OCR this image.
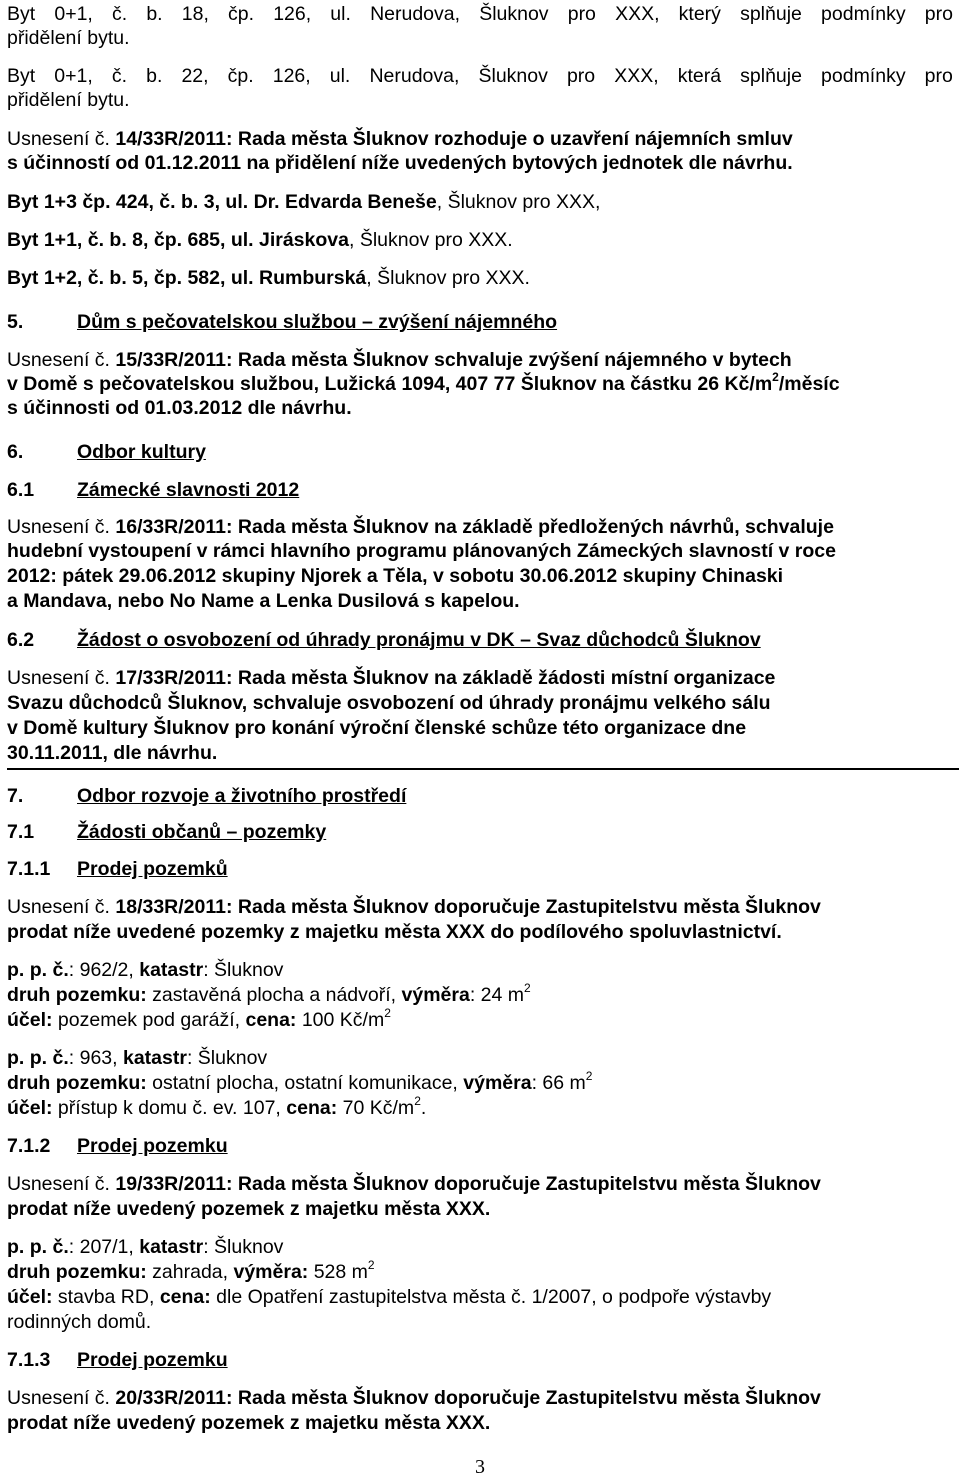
Byt 0+1, č. b. 18, čp. 126, ul. Nerudova, Šluknov pro XXX, který splňuje podmínky pro
přidělení bytu.
Byt 0+1, č. b. 22, čp. 126, ul. Nerudova, Šluknov pro XXX, která splňuje podmínky pro
přidělení bytu.
Usnesení č. 14/33R/2011: Rada města Šluknov rozhoduje o uzavření nájemních smluv
s účinností od 01.12.2011 na přidělení níže uvedených bytových jednotek dle návrhu.
Byt 1+3 čp. 424, č. b. 3, ul. Dr. Edvarda Beneše, Šluknov pro XXX,
Byt 1+1, č. b. 8, čp. 685, ul. Jiráskova, Šluknov pro XXX.
Byt 1+2, č. b. 5, čp. 582, ul. Rumburská, Šluknov pro XXX.
5.	Dům s pečovatelskou službou – zvýšení nájemného
Usnesení č. 15/33R/2011: Rada města Šluknov schvaluje zvýšení nájemného v bytech
v Domě s pečovatelskou službou, Lužická 1094, 407 77 Šluknov na částku 26 $Kč/m^2$/měsíc
s účinnosti od 01.03.2012 dle návrhu.
6.	Odbor kultury
6.1 Zámecké slavnosti 2012
Usnesení č. 16/33R/2011: Rada města Šluknov na základě předložených návrhů, schvaluje
hudební vystoupení v rámci hlavního programu plánovaných Zámeckých slavností v roce
2012: pátek 29.06.2012 skupiny Njorek a Těla, v sobotu 30.06.2012 skupiny Chinaski
a Mandava, nebo No Name a Lenka Dusilová s kapelou.
6.2 Žádost o osvobození od úhrady pronájmu v DK – Svaz důchodců Šluknov
Usnesení č. 17/33R/2011: Rada města Šluknov na základě žádosti místní organizace
Svazu důchodců Šluknov, schvaluje osvobození od úhrady pronájmu velkého sálu
v Domě kultury Šluknov pro konání výroční členské schůze této organizace dne
30.11.2011, dle návrhu.
7.	Odbor rozvoje a životního prostředí
7.1 Žádosti občanů – pozemky
7.1.1 Prodej pozemků
Usnesení č. 18/33R/2011: Rada města Šluknov doporučuje Zastupitelstvu města Šluknov
prodat níže uvedené pozemky z majetku města XXX do podílového spoluvlastnictví.
p. p. č.: 962/2, katastr: Šluknov
druh pozemku: zastavěná plocha a nádvoří, výměra: 24 $m^2$
účel: pozemek pod garáží, cena: 100 $Kč/m^2$
p. p. č.: 963, katastr: Šluknov
druh pozemku: ostatní plocha, ostatní komunikace, výměra: 66 $m^2$
účel: přístup k domu č. ev. 107, cena: 70 $Kč/m^2$.
7.1.2 Prodej pozemku
Usnesení č. 19/33R/2011: Rada města Šluknov doporučuje Zastupitelstvu města Šluknov
prodat níže uvedený pozemek z majetku města XXX.
p. p. č.: 207/1, katastr: Šluknov
druh pozemku: zahrada, výměra: 528 $m^2$
účel: stavba RD, cena: dle Opatření zastupitelstva města č. 1/2007, o podpoře výstavby
rodinných domů.
7.1.3 Prodej pozemku
Usnesení č. 20/33R/2011: Rada města Šluknov doporučuje Zastupitelstvu města Šluknov
prodat níže uvedený pozemek z majetku města XXX.
3
